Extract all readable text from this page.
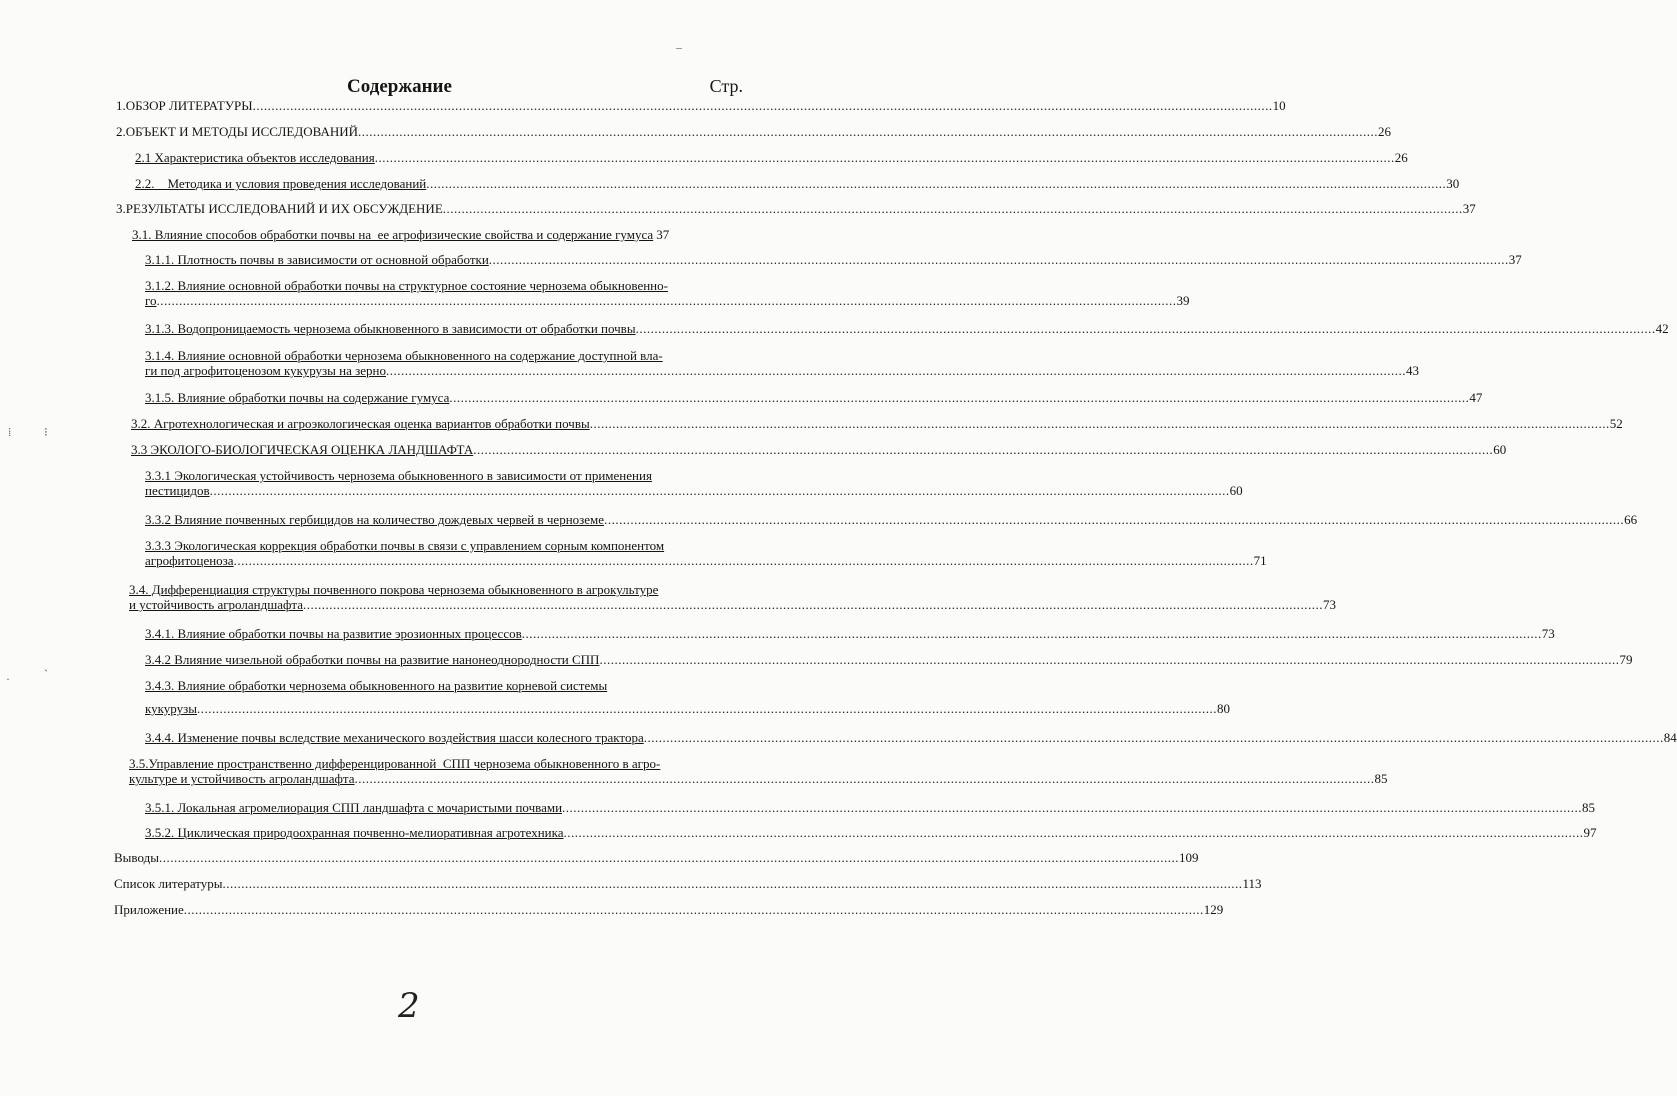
Содержание	Стр.
1.ОБЗОР ЛИТЕРАТУРЫ .....	10
2.ОБЪЕКТ И МЕТОДЫ ИССЛЕДОВАНИЙ .....	26
2.1 Характеристика объектов исследования .....	26
2.2.    Методика и условия проведения исследований .....	30
3.РЕЗУЛЬТАТЫ ИССЛЕДОВАНИЙ И ИХ ОБСУЖДЕНИЕ .....	37
3.1. Влияние способов обработки почвы на  ее агрофизические свойства и содержание гумуса 37
3.1.1. Плотность почвы в зависимости от основной обработки .....	37
3.1.2. Влияние основной обработки почвы на структурное состояние чернозема обыкновенно-
го .....	39
3.1.3. Водопроницаемость чернозема обыкновенного в зависимости от обработки почвы .....	42
3.1.4. Влияние основной обработки чернозема обыкновенного на содержание доступной вла-
ги под агрофитоценозом кукурузы на зерно .....	43
3.1.5. Влияние обработки почвы на содержание гумуса .....	47
3.2. Агротехнологическая и агроэкологическая оценка вариантов обработки почвы .....	52
3.3 ЭКОЛОГО-БИОЛОГИЧЕСКАЯ ОЦЕНКА ЛАНДШАФТА .....	60
3.3.1 Экологическая устойчивость чернозема обыкновенного в зависимости от применения
пестицидов .....	60
3.3.2 Влияние почвенных гербицидов на количество дождевых червей в черноземе .....	66
3.3.3 Экологическая коррекция обработки почвы в связи с управлением сорным компонентом
агрофитоценоза .....	71
3.4. Дифференциация структуры почвенного покрова чернозема обыкновенного в агрокультуре
и устойчивость агроландшафта .....	73
3.4.1. Влияние обработки почвы на развитие эрозионных процессов .....	73
3.4.2 Влияние чизельной обработки почвы на развитие нанонеоднородности СПП .....	79
3.4.3. Влияние обработки чернозема обыкновенного на развитие корневой системы
кукурузы .....	80
3.4.4. Изменение почвы вследствие механического воздействия шасси колесного трактора .....	84
3.5.Управление пространственно дифференцированной  СПП чернозема обыкновенного в агро-
культуре и устойчивость агроландшафта .....	85
3.5.1. Локальная агромелиорация СПП ландшафта с мочаристыми почвами .....	85
3.5.2. Циклическая природоохранная почвенно-мелиоративная агротехника .....	97
Выводы .....	109
Список литературы .....	113
Приложение .....	129
–
⁞	⁝
ˏ
·
2
